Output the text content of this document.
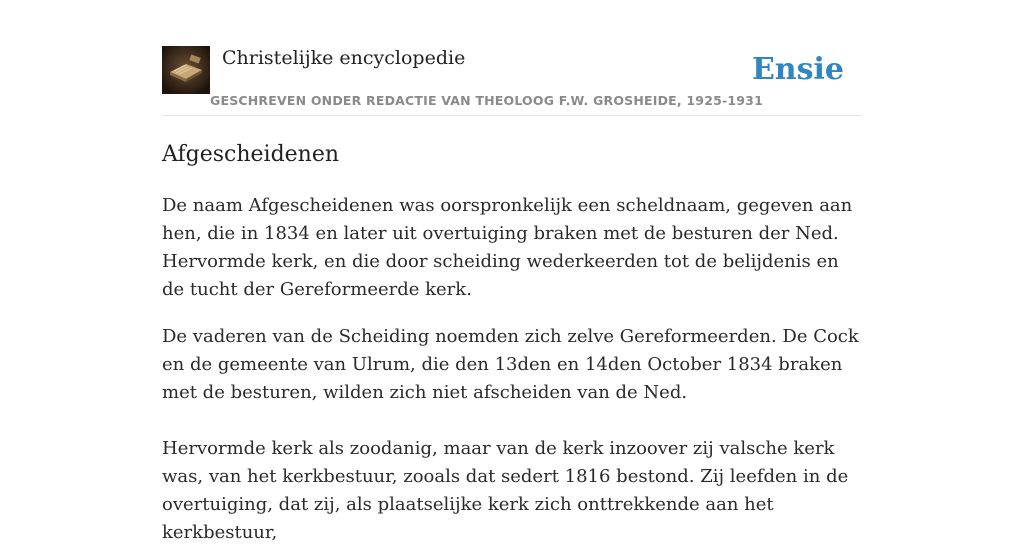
Christelijke encyclopedie
GESCHREVEN ONDER REDACTIE VAN THEOLOOG F.W. GROSHEIDE, 1925-1931
Ensie
Afgescheidenen

De naam Afgescheidenen was oorspronkelijk een scheldnaam, gegeven aan hen, die in 1834 en later uit overtuiging braken met de besturen der Ned. Hervormde kerk, en die door scheiding wederkeerden tot de belijdenis en de tucht der Gereformeerde kerk.

De vaderen van de Scheiding noemden zich zelve Gereformeerden. De Cock en de gemeente van Ulrum, die den 13den en 14den October 1834 braken met de besturen, wilden zich niet afscheiden van de Ned.

Hervormde kerk als zoodanig, maar van de kerk inzoover zij valsche kerk was, van het kerkbestuur, zooals dat sedert 1816 bestond. Zij leefden in de overtuiging, dat zij, als plaatselijke kerk zich onttrekkende aan het kerkbestuur,
